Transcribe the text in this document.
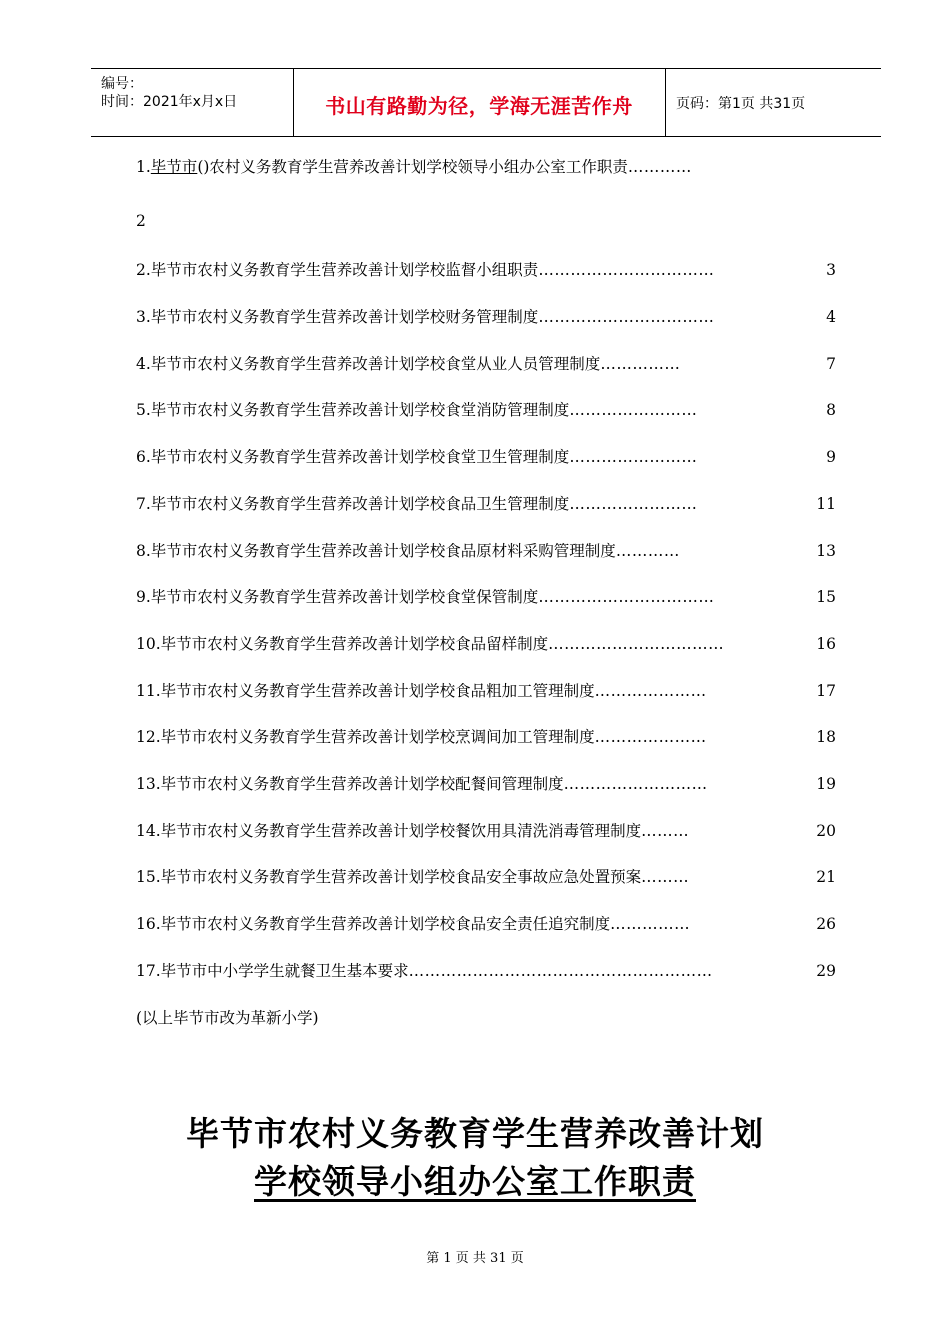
编号：
时间：2021年x月x日	书山有路勤为径，学海无涯苦作舟	页码：第1页 共31页
1. 毕节市 ()农村义务教育学生营养改善计划学校领导小组办公室工作职责 …………
2
2. 毕节市农村义务教育学生营养改善计划学校监督小组职责 ……………………………	3
3. 毕节市农村义务教育学生营养改善计划学校财务管理制度 ……………………………	4
4. 毕节市农村义务教育学生营养改善计划学校食堂从业人员管理制度 ……………	7
5. 毕节市农村义务教育学生营养改善计划学校食堂消防管理制度 ……………………	8
6. 毕节市农村义务教育学生营养改善计划学校食堂卫生管理制度 ……………………	9
7. 毕节市农村义务教育学生营养改善计划学校食品卫生管理制度 ……………………	11
8. 毕节市农村义务教育学生营养改善计划学校食品原材料采购管理制度 …………	13
9. 毕节市农村义务教育学生营养改善计划学校食堂保管制度 ……………………………	15
10. 毕节市农村义务教育学生营养改善计划学校食品留样制度 ……………………………	16
11. 毕节市农村义务教育学生营养改善计划学校食品粗加工管理制度 …………………	17
12. 毕节市农村义务教育学生营养改善计划学校烹调间加工管理制度 …………………	18
13. 毕节市农村义务教育学生营养改善计划学校配餐间管理制度 ………………………	19
14. 毕节市农村义务教育学生营养改善计划学校餐饮用具清洗消毒管理制度 ………	20
15. 毕节市农村义务教育学生营养改善计划学校食品安全事故应急处置预案 ………	21
16. 毕节市农村义务教育学生营养改善计划学校食品安全责任追究制度 ……………	26
17. 毕节市中小学学生就餐卫生基本要求 …………………………………………………	29
(以上毕节市改为革新小学)
毕节市农村义务教育学生营养改善计划
学校领导小组办公室工作职责
第 1 页 共 31 页
